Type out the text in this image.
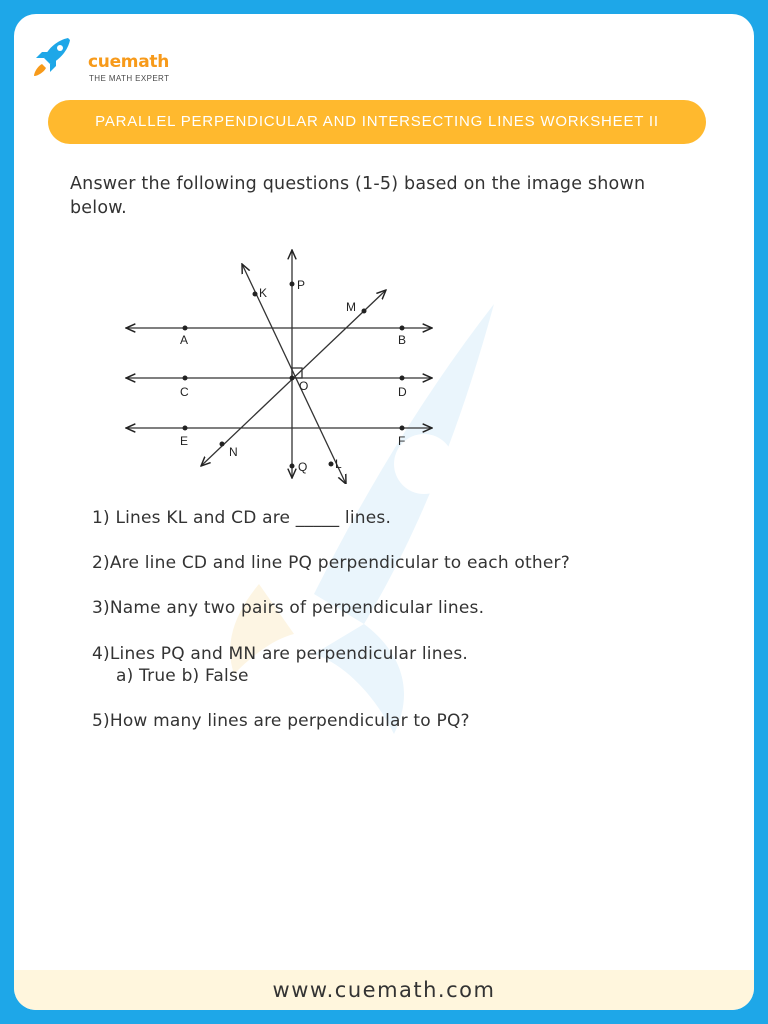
cuemath
THE MATH EXPERT
PARALLEL PERPENDICULAR AND INTERSECTING LINES WORKSHEET II
Answer the following questions (1-5) based on the image shown below.
K
P
M
A	B
C	O	D
E	F
N
Q L
1) Lines KL and CD are _____ lines.
2)Are line CD and line PQ perpendicular to each other?
3)Name any two pairs of perpendicular lines.
4)Lines PQ and MN are perpendicular lines.
a) True b) False
5)How many lines are perpendicular to PQ?
www.cuemath.com
